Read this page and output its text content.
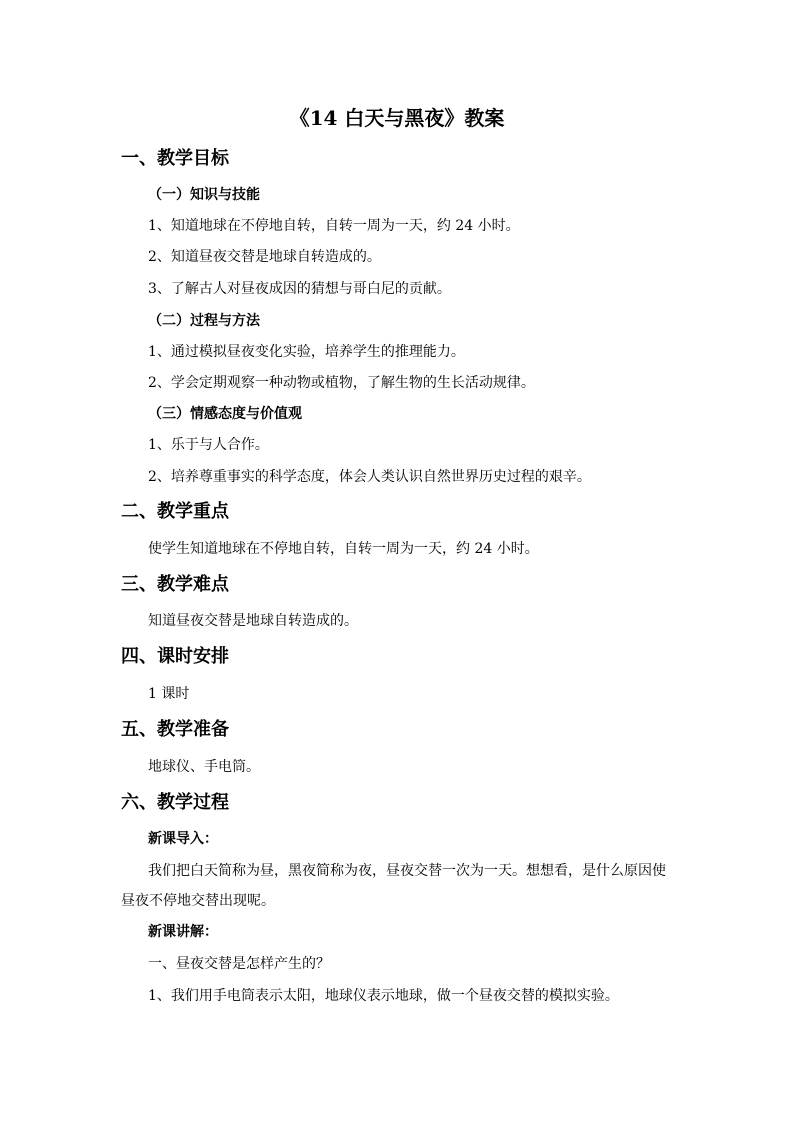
《14 白天与黑夜》教案
一、教学目标
（一）知识与技能
1、知道地球在不停地自转，自转一周为一天，约 24 小时。
2、知道昼夜交替是地球自转造成的。
3、了解古人对昼夜成因的猜想与哥白尼的贡献。
（二）过程与方法
1、通过模拟昼夜变化实验，培养学生的推理能力。
2、学会定期观察一种动物或植物，了解生物的生长活动规律。
（三）情感态度与价值观
1、乐于与人合作。
2、培养尊重事实的科学态度，体会人类认识自然世界历史过程的艰辛。
二、教学重点
使学生知道地球在不停地自转，自转一周为一天，约 24 小时。
三、教学难点
知道昼夜交替是地球自转造成的。
四、课时安排
1 课时
五、教学准备
地球仪、手电筒。
六、教学过程
新课导入：
我们把白天简称为昼，黑夜简称为夜，昼夜交替一次为一天。想想看，是什么原因使昼夜不停地交替出现呢。
新课讲解：
一、昼夜交替是怎样产生的？
1、我们用手电筒表示太阳，地球仪表示地球，做一个昼夜交替的模拟实验。
